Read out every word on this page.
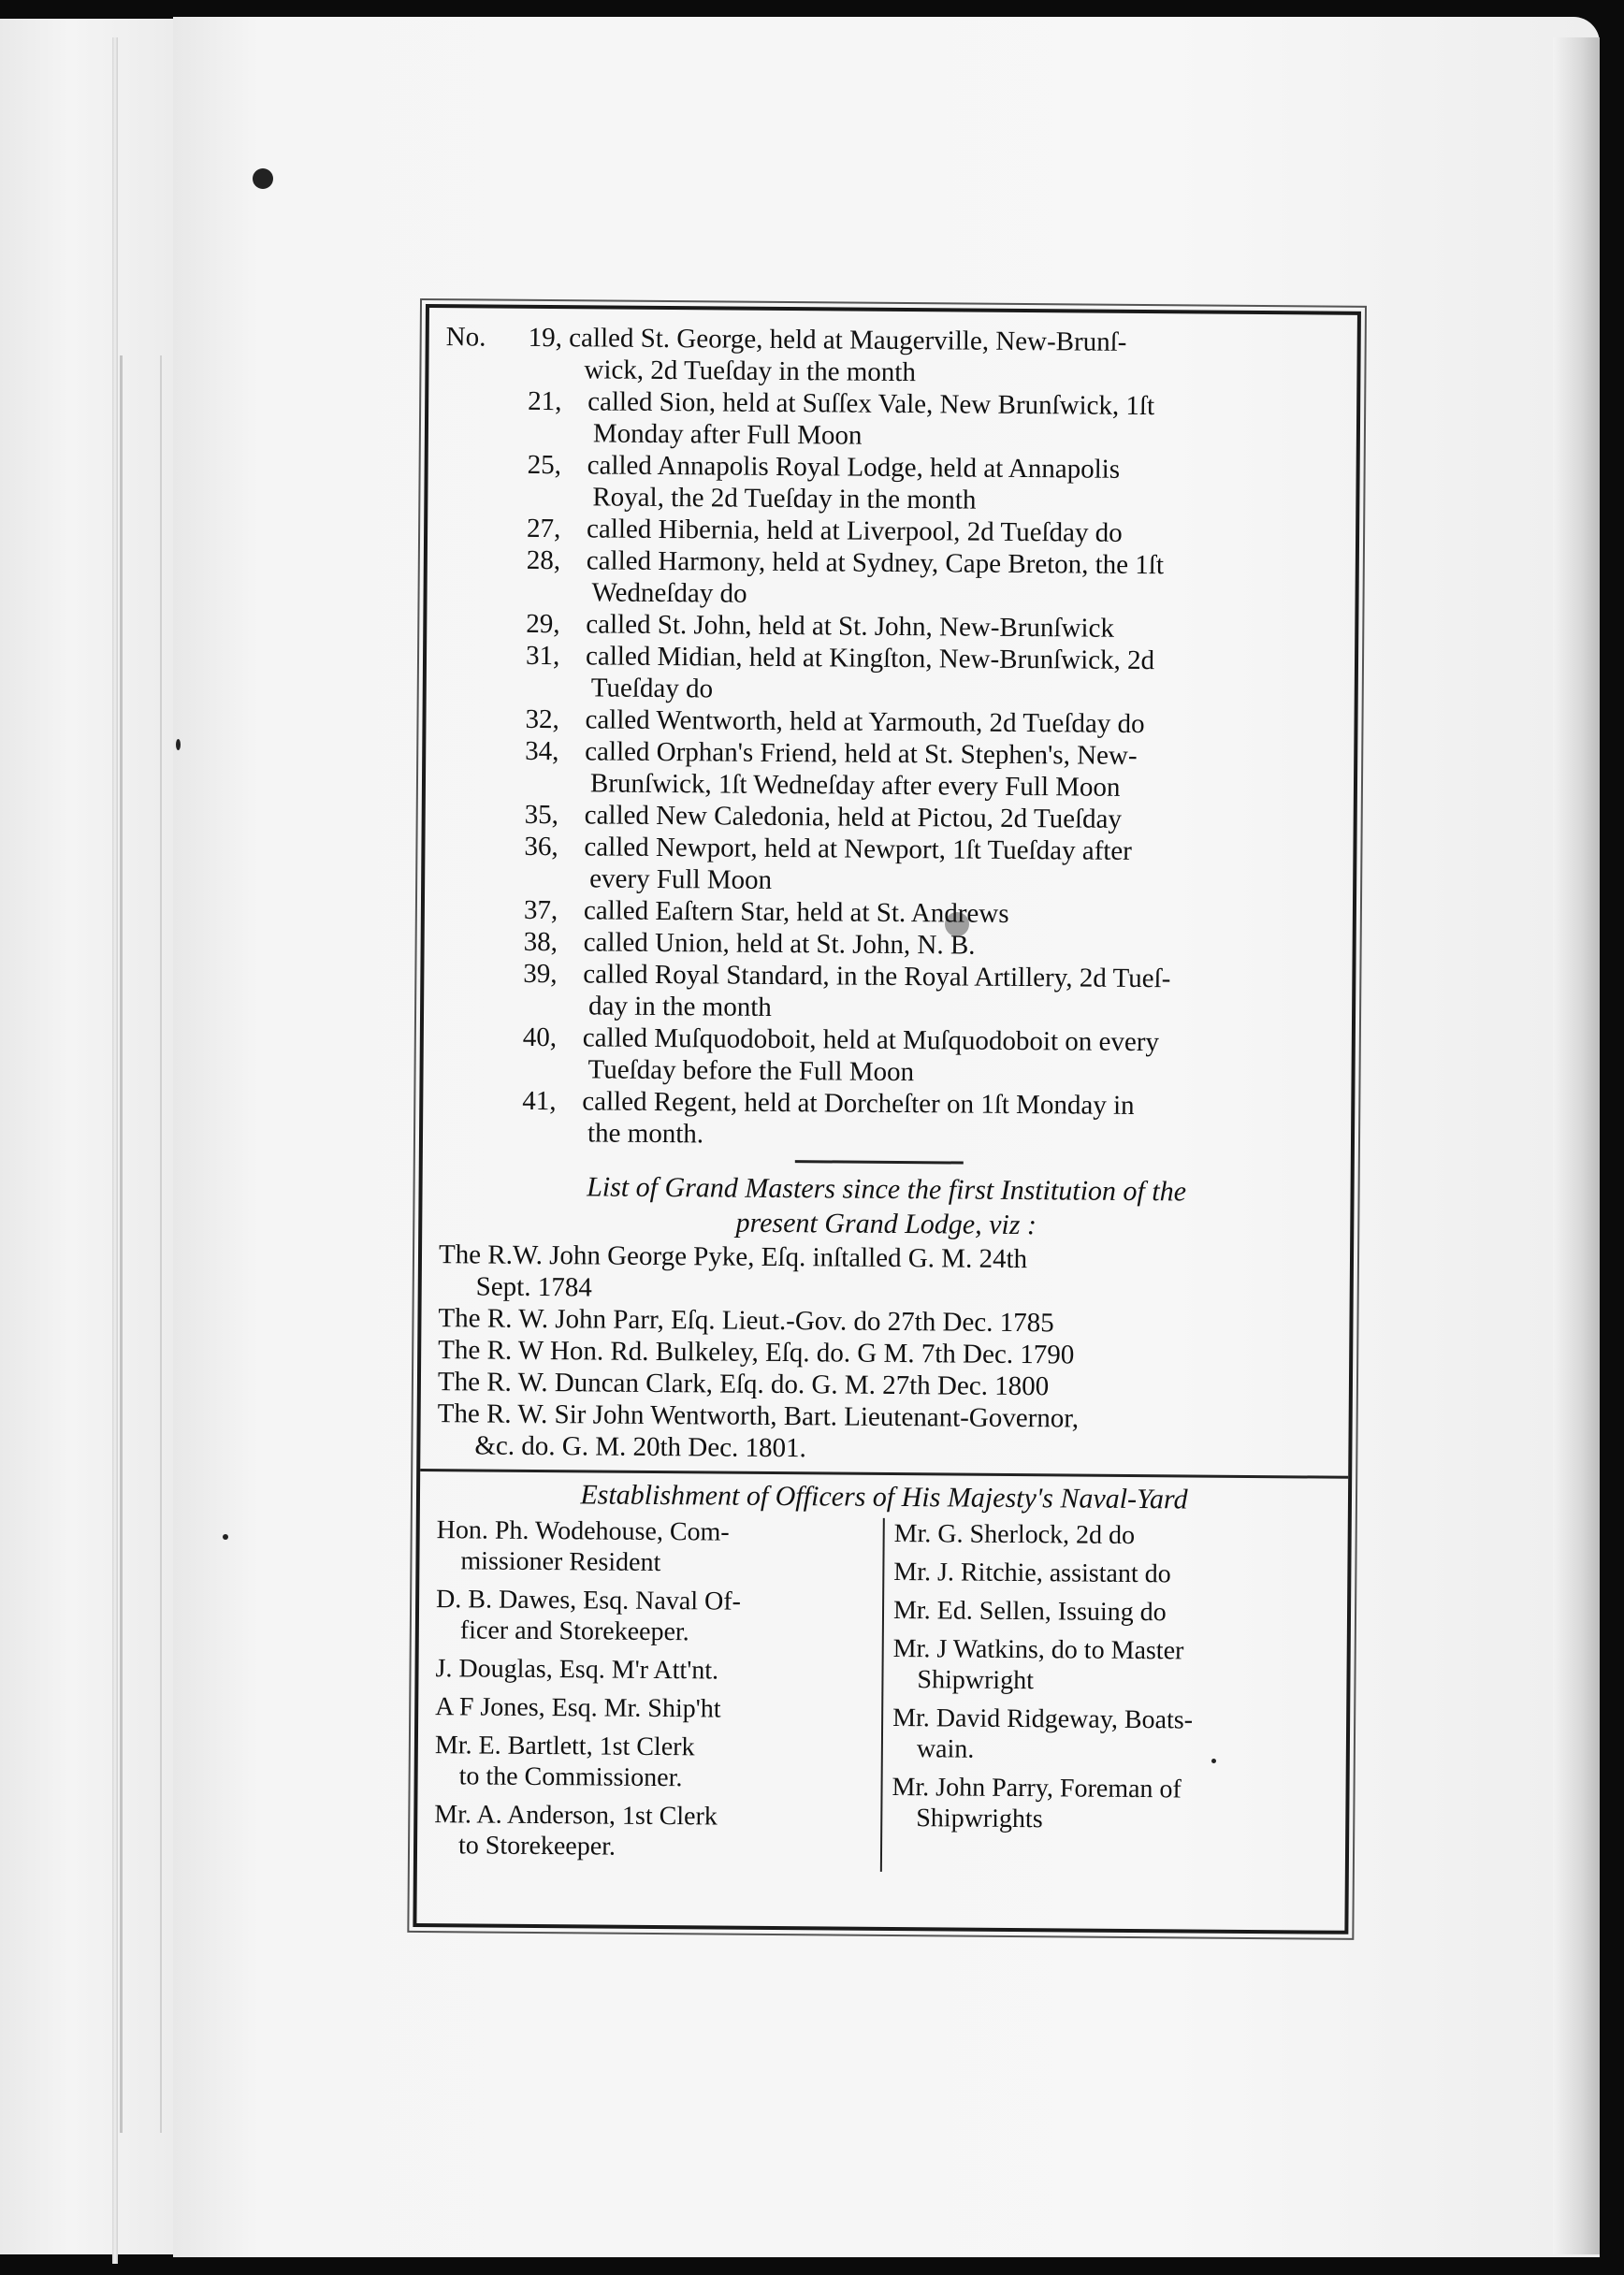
No.	19, called St. George, held at Maugerville, New-Brunſ-
wick, 2d Tueſday in the month

21, called Sion, held at Suſſex Vale, New Brunſwick, 1ſt
Monday after Full Moon

25, called Annapolis Royal Lodge, held at Annapolis
Royal, the 2d Tueſday in the month

27, called Hibernia, held at Liverpool, 2d Tueſday do

28, called Harmony, held at Sydney, Cape Breton, the 1ſt
Wedneſday do

29, called St. John, held at St. John, New-Brunſwick

31, called Midian, held at Kingſton, New-Brunſwick, 2d
Tueſday do

32, called Wentworth, held at Yarmouth, 2d Tueſday do

34, called Orphan's Friend, held at St. Stephen's, New-
Brunſwick, 1ſt Wedneſday after every Full Moon

35, called New Caledonia, held at Pictou, 2d Tueſday

36, called Newport, held at Newport, 1ſt Tueſday after
every Full Moon

37, called Eaſtern Star, held at St. Andrews

38, called Union, held at St. John, N. B.

39, called Royal Standard, in the Royal Artillery, 2d Tueſ-
day in the month

40, called Muſquodoboit, held at Muſquodoboit on every
Tueſday before the Full Moon

41, called Regent, held at Dorcheſter on 1ſt Monday in
the month.

List of Grand Masters since the first Institution of the

present Grand Lodge, viz :

The R.W. John George Pyke, Eſq. inſtalled G. M. 24th

Sept. 1784

The R. W. John Parr, Eſq. Lieut.-Gov. do 27th Dec. 1785

The R. W Hon. Rd. Bulkeley, Eſq. do. G M. 7th Dec. 1790

The R. W. Duncan Clark, Eſq. do. G. M. 27th Dec. 1800

The R. W. Sir John Wentworth, Bart. Lieutenant-Governor,

&c. do. G. M. 20th Dec. 1801.

Establishment of Officers of His Majesty's Naval-Yard

Hon. Ph. Wodehouse, Com-
missioner Resident

D. B. Dawes, Esq. Naval Of-
ficer and Storekeeper.

J. Douglas, Esq. M'r Att'nt.

A F Jones, Esq. Mr. Ship'ht

Mr. E. Bartlett, 1st Clerk
to the Commissioner.

Mr. A. Anderson, 1st Clerk
to Storekeeper.

Mr. G. Sherlock, 2d do

Mr. J. Ritchie, assistant do

Mr. Ed. Sellen, Issuing do

Mr. J Watkins, do to Master
Shipwright

Mr. David Ridgeway, Boats-
wain.

Mr. John Parry, Foreman of
Shipwrights
